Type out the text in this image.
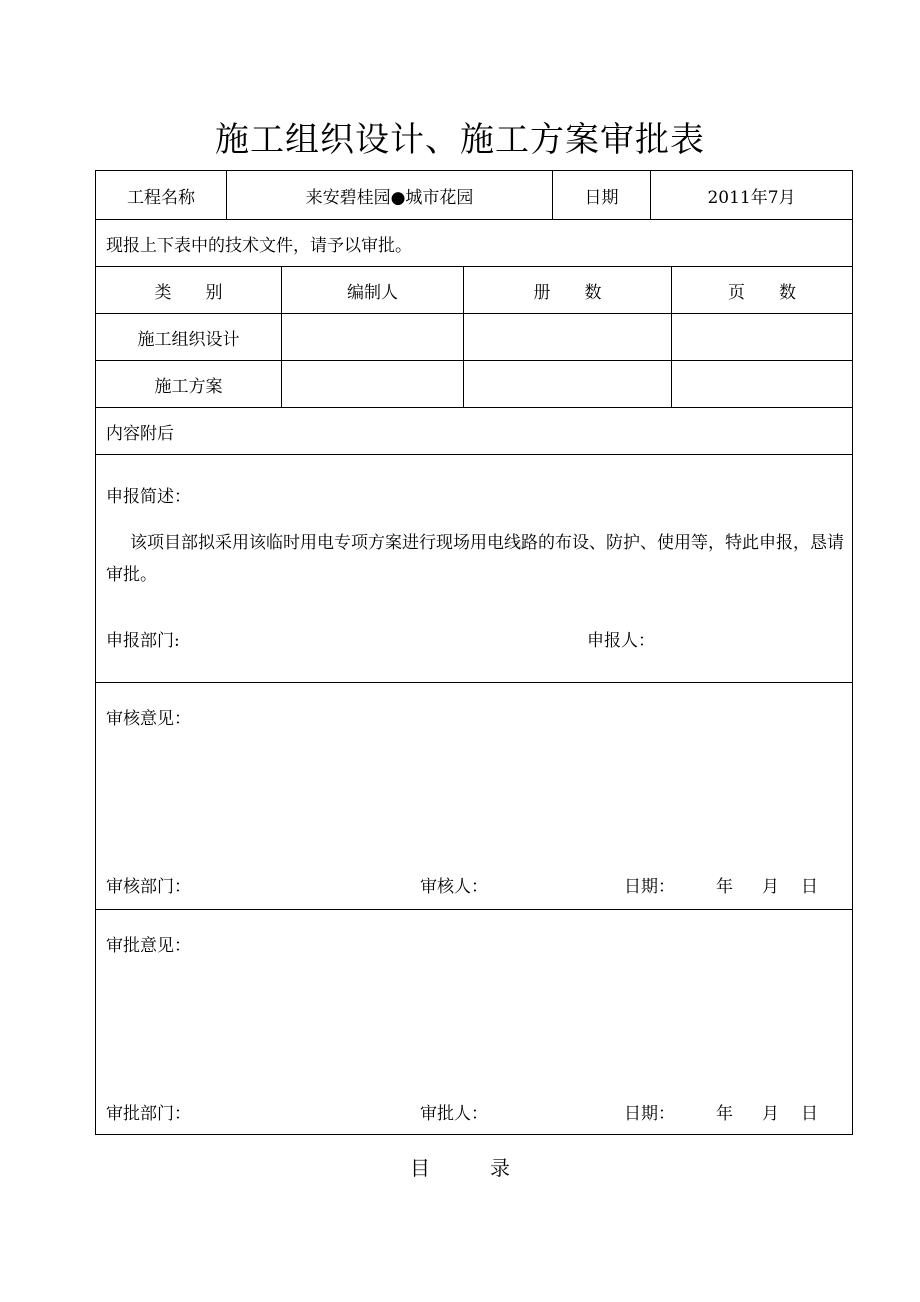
施工组织设计、施工方案审批表
工程名称	来安碧桂园●城市花园	日期	2011年7月
现报上下表中的技术文件，请予以审批。
类　　别	编制人	册　　数	页　　数
施工组织设计
施工方案
内容附后
申报简述：
该项目部拟采用该临时用电专项方案进行现场用电线路的布设、防护、使用等，特此申报，恳请审批。
申报部门:	申报人：
审核意见：
审核部门：	审核人：	日期： 年 月 日
审批意见：
审批部门：	审批人：	日期： 年 月 日
目　　　录
